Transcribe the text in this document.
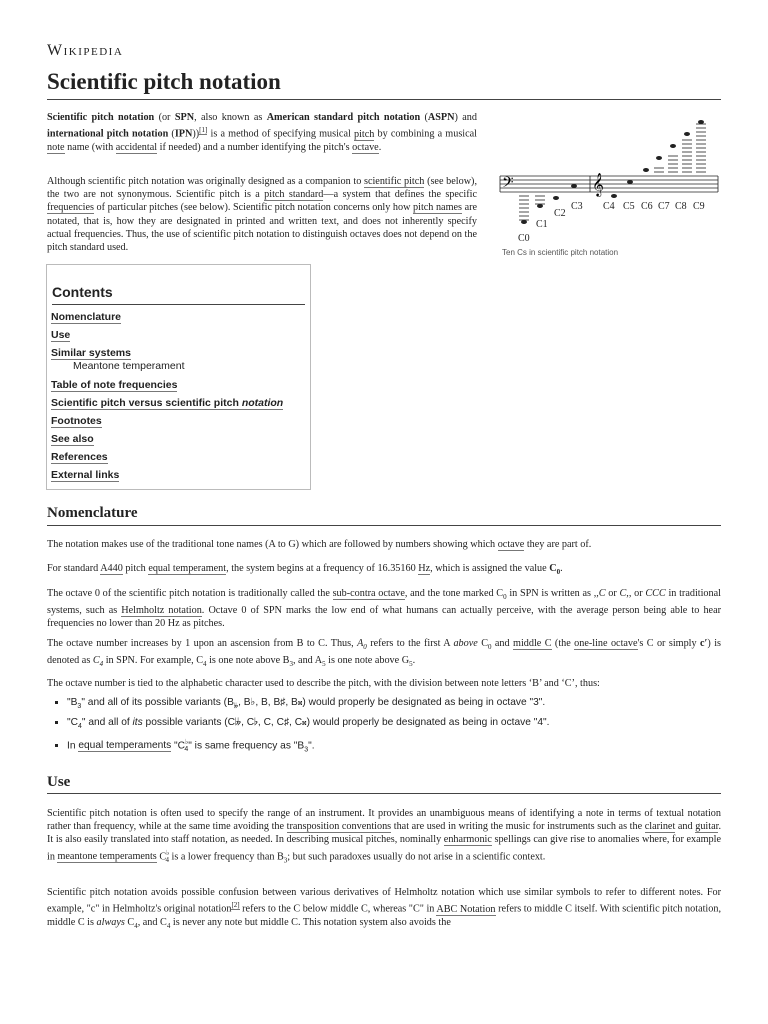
Wikipedia
Scientific pitch notation

Scientific pitch notation (or SPN, also known as American standard pitch notation (ASPN) and international pitch notation (IPN))[1] is a method of specifying musical pitch by combining a musical note name (with accidental if needed) and a number identifying the pitch's octave.

Although scientific pitch notation was originally designed as a companion to scientific pitch (see below), the two are not synonymous. Scientific pitch is a pitch standard—a system that defines the specific frequencies of particular pitches (see below). Scientific pitch notation concerns only how pitch names are notated, that is, how they are designated in printed and written text, and does not inherently specify actual frequencies. Thus, the use of scientific pitch notation to distinguish octaves does not depend on the pitch standard used.

𝄢	𝄞
C0
C1
C2
C3 C4 C5 C6 C7 C8 C9
Ten Cs in scientific pitch notation
Contents
Nomenclature
Use
Similar systems
Meantone temperament
Table of note frequencies
Scientific pitch versus scientific pitch notation
Footnotes
See also
References
External links
Nomenclature

The notation makes use of the traditional tone names (A to G) which are followed by numbers showing which octave they are part of.

For standard A440 pitch equal temperament, the system begins at a frequency of 16.35160 Hz, which is assigned the value $C_0$.

The octave 0 of the scientific pitch notation is traditionally called the sub-contra octave, and the tone marked $C_0$ in SPN is written as ,,C or C,, or CCC in traditional systems, such as Helmholtz notation. Octave 0 of SPN marks the low end of what humans can actually perceive, with the average person being able to hear frequencies no lower than 20 Hz as pitches.

The octave number increases by 1 upon an ascension from B to C. Thus, $A_0$ refers to the first A above $C_0$ and middle C (the one-line octave's C or simply c′) is denoted as $C_4$ in SPN. For example, $C_4$ is one note above $B_3$, and $A_5$ is one note above $G_5$.

The octave number is tied to the alphabetic character used to describe the pitch, with the division between note letters ‘B’ and ‘C’, thus:

▪ "$B_3$" and all of its possible variants ($B_𝄫$, B♭, B, B♯, B𝄪) would properly be designated as being in octave "3".
▪ "$C_4$" and all of its possible variants (C𝄫, C♭, C, C♯, C𝄪) would properly be designated as being in octave "4".
▪ In equal temperaments "$C^♭_4$" is same frequency as "$B_3$".
Use

Scientific pitch notation is often used to specify the range of an instrument. It provides an unambiguous means of identifying a note in terms of textual notation rather than frequency, while at the same time avoiding the transposition conventions that are used in writing the music for instruments such as the clarinet and guitar. It is also easily translated into staff notation, as needed. In describing musical pitches, nominally enharmonic spellings can give rise to anomalies where, for example in meantone temperaments $C^♭_4$ is a lower frequency than $B_3$; but such paradoxes usually do not arise in a scientific context.

Scientific pitch notation avoids possible confusion between various derivatives of Helmholtz notation which use similar symbols to refer to different notes. For example, "c" in Helmholtz's original notation[2] refers to the C below middle C, whereas "C" in ABC Notation refers to middle C itself. With scientific pitch notation, middle C is always $C_4$, and $C_4$ is never any note but middle C. This notation system also avoids the
